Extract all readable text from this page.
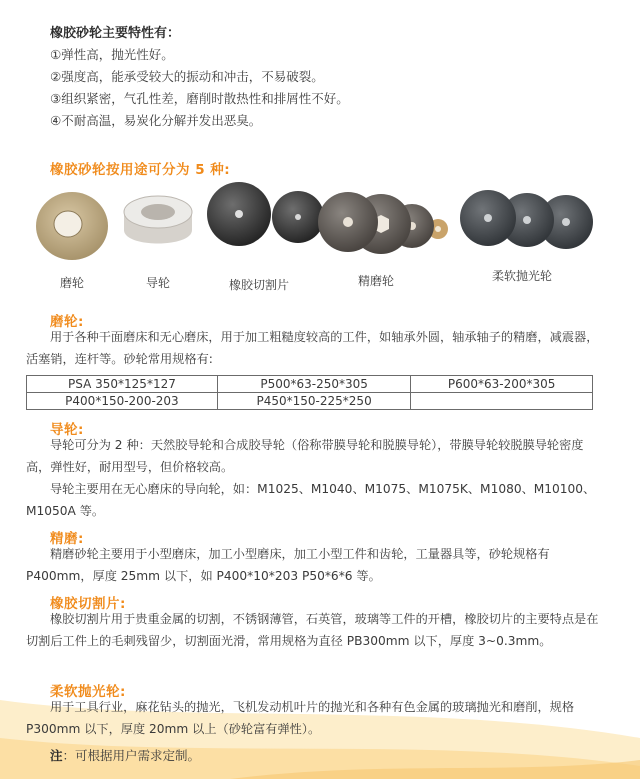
橡胶砂轮主要特性有：

①弹性高，抛光性好。

②强度高，能承受较大的振动和冲击，不易破裂。

③组织紧密，气孔性差，磨削时散热性和排屑性不好。

④不耐高温，易炭化分解并发出恶臭。

橡胶砂轮按用途可分为 5 种:

磨轮	导轮	橡胶切割片	精磨轮	柔软抛光轮

磨轮:

用于各种干面磨床和无心磨床，用于加工粗糙度较高的工件，如轴承外圆，轴承轴子的精磨，减震器，活塞销，连杆等。砂轮常用规格有:

PSA 350*125*127	P500*63-250*305	P600*63-200*305
P400*150-200-203	P450*150-225*250	

导轮:

导轮可分为 2 种：天然胶导轮和合成胶导轮（俗称带膜导轮和脱膜导轮），带膜导轮较脱膜导轮密度高，弹性好，耐用型号，但价格较高。

导轮主要用在无心磨床的导向轮，如：M1025、M1040、M1075、M1075K、M1080、M10100、M1050A 等。

精磨:

精磨砂轮主要用于小型磨床，加工小型磨床，加工小型工件和齿轮，工量器具等，砂轮规格有 P400mm，厚度 25mm 以下，如 P400*10*203 P50*6*6 等。

橡胶切割片:

橡胶切割片用于贵重金属的切割，不锈钢薄管，石英管，玻璃等工件的开槽，橡胶切片的主要特点是在切割后工件上的毛刺残留少，切割面光滑，常用规格为直径 PB300mm 以下，厚度 3~0.3mm。

柔软抛光轮:

用于工具行业，麻花钻头的抛光，飞机发动机叶片的抛光和各种有色金属的玻璃抛光和磨削，规格 P300mm 以下，厚度 20mm 以上（砂轮富有弹性）。

注：可根据用户需求定制。
